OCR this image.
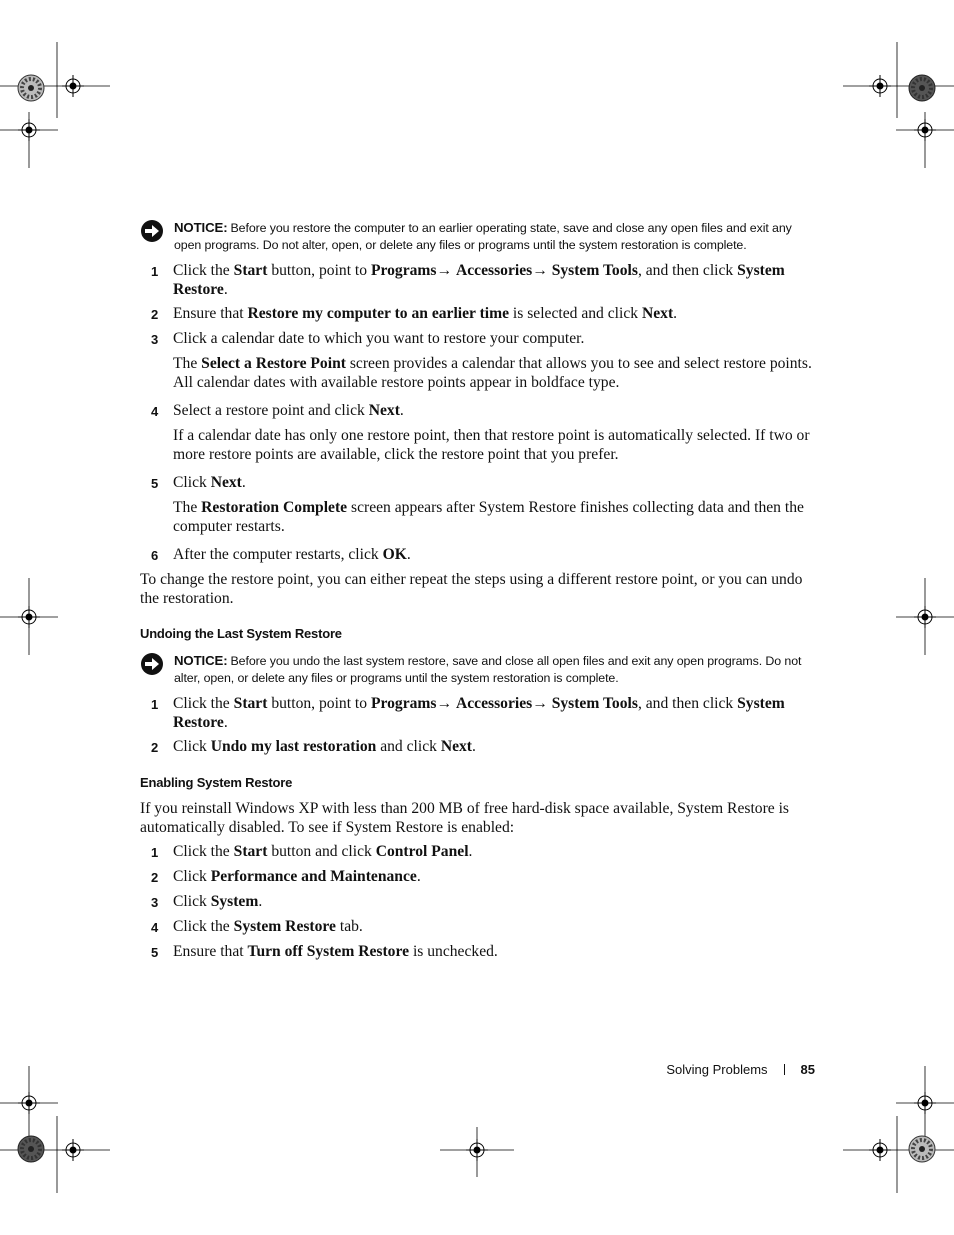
NOTICE: Before you restore the computer to an earlier operating state, save and close any open files and exit any open programs. Do not alter, open, or delete any files or programs until the system restoration is complete.
1 Click the Start button, point to Programs→ Accessories→ System Tools, and then click System Restore.
2 Ensure that Restore my computer to an earlier time is selected and click Next.
3 Click a calendar date to which you want to restore your computer.
The Select a Restore Point screen provides a calendar that allows you to see and select restore points. All calendar dates with available restore points appear in boldface type.
4 Select a restore point and click Next.
If a calendar date has only one restore point, then that restore point is automatically selected. If two or more restore points are available, click the restore point that you prefer.
5 Click Next.
The Restoration Complete screen appears after System Restore finishes collecting data and then the computer restarts.
6 After the computer restarts, click OK.
To change the restore point, you can either repeat the steps using a different restore point, or you can undo the restoration.
Undoing the Last System Restore
NOTICE: Before you undo the last system restore, save and close all open files and exit any open programs. Do not alter, open, or delete any files or programs until the system restoration is complete.
1 Click the Start button, point to Programs→ Accessories→ System Tools, and then click System Restore.
2 Click Undo my last restoration and click Next.
Enabling System Restore
If you reinstall Windows XP with less than 200 MB of free hard-disk space available, System Restore is automatically disabled. To see if System Restore is enabled:
1 Click the Start button and click Control Panel.
2 Click Performance and Maintenance.
3 Click System.
4 Click the System Restore tab.
5 Ensure that Turn off System Restore is unchecked.
Solving Problems	85
